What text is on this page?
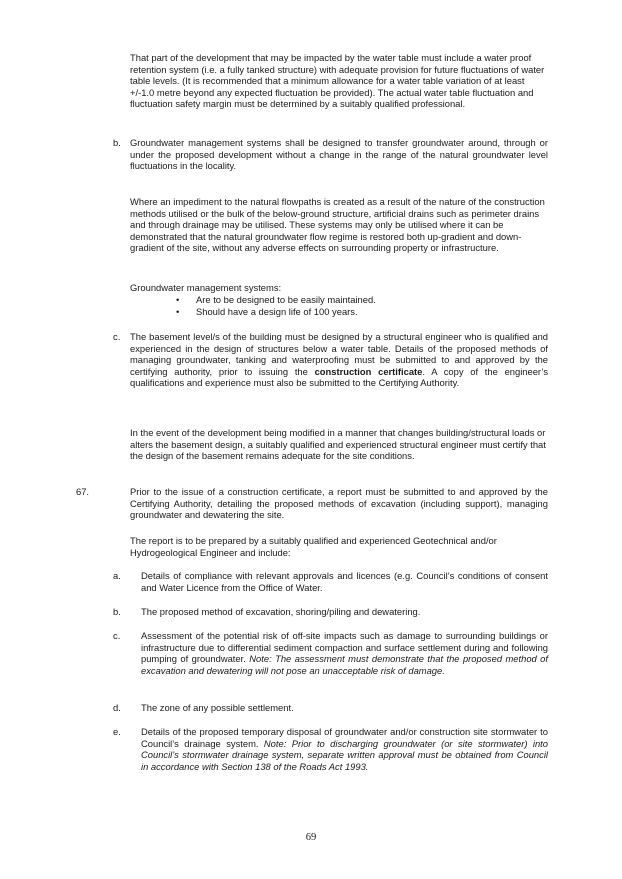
That part of the development that may be impacted by the water table must include a water proof retention system (i.e. a fully tanked structure) with adequate provision for future fluctuations of water table levels. (It is recommended that a minimum allowance for a water table variation of at least +/-1.0 metre beyond any expected fluctuation be provided). The actual water table fluctuation and fluctuation safety margin must be determined by a suitably qualified professional.

b. Groundwater management systems shall be designed to transfer groundwater around, through or under the proposed development without a change in the range of the natural groundwater level fluctuations in the locality.

Where an impediment to the natural flowpaths is created as a result of the nature of the construction methods utilised or the bulk of the below-ground structure, artificial drains such as perimeter drains and through drainage may be utilised. These systems may only be utilised where it can be demonstrated that the natural groundwater flow regime is restored both up-gradient and down-gradient of the site, without any adverse effects on surrounding property or infrastructure.

Groundwater management systems:

• Are to be designed to be easily maintained.
• Should have a design life of 100 years.
c. The basement level/s of the building must be designed by a structural engineer who is qualified and experienced in the design of structures below a water table. Details of the proposed methods of managing groundwater, tanking and waterproofing must be submitted to and approved by the certifying authority, prior to issuing the construction certificate. A copy of the engineer’s qualifications and experience must also be submitted to the Certifying Authority.

In the event of the development being modified in a manner that changes building/structural loads or alters the basement design, a suitably qualified and experienced structural engineer must certify that the design of the basement remains adequate for the site conditions.

67.	Prior to the issue of a construction certificate, a report must be submitted to and approved by the Certifying Authority, detailing the proposed methods of excavation (including support), managing groundwater and dewatering the site.

The report is to be prepared by a suitably qualified and experienced Geotechnical and/or Hydrogeological Engineer and include:

a. Details of compliance with relevant approvals and licences (e.g. Council’s conditions of consent and Water Licence from the Office of Water.

b. The proposed method of excavation, shoring/piling and dewatering.

c. Assessment of the potential risk of off-site impacts such as damage to surrounding buildings or infrastructure due to differential sediment compaction and surface settlement during and following pumping of groundwater. Note: The assessment must demonstrate that the proposed method of excavation and dewatering will not pose an unacceptable risk of damage.

d. The zone of any possible settlement.

e. Details of the proposed temporary disposal of groundwater and/or construction site stormwater to Council’s drainage system. Note: Prior to discharging groundwater (or site stormwater) into Council’s stormwater drainage system, separate written approval must be obtained from Council in accordance with Section 138 of the Roads Act 1993.

69
